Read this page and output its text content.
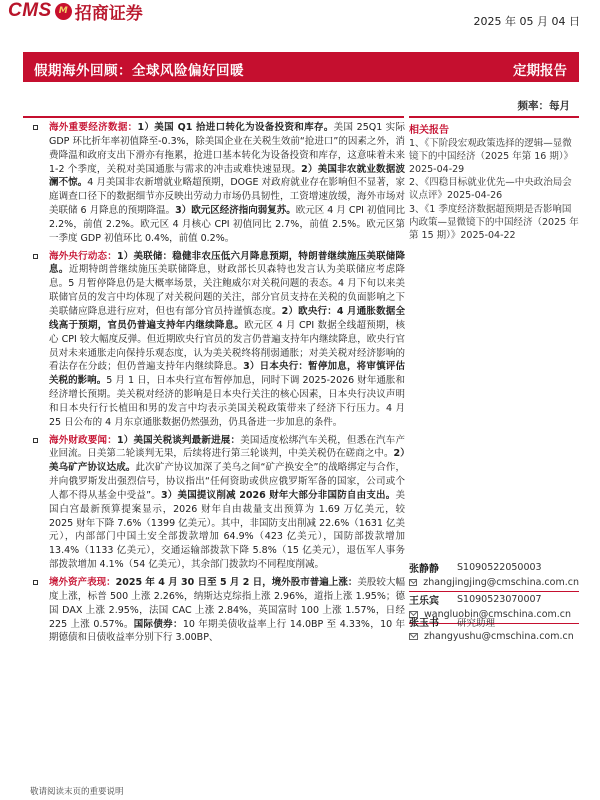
CMS M 招商证券	2025 年 05 月 04 日
假期海外回顾：全球风险偏好回暖	定期报告
频率：每月
海外重要经济数据：1）美国 Q1 拾进口转化为设备投资和库存。美国 25Q1 实际 GDP 环比折年率初值降至-0.3%，除美国企业在关税生效前“抢进口”的因素之外，消费降温和政府支出下滑亦有拖累，抢进口基本转化为设备投资和库存，这意味着未来 1-2 个季度，关税对美国通胀与需求的冲击或难快速显现。2）美国非农就业数据波澜不惊。4 月美国非农新增就业略超预期，DOGE 对政府就业存在影响但不显著，家庭调查口径下的数据细节亦反映出劳动力市场仍具韧性，工资增速放缓，海外市场对美联储 6 月降息的预期降温。3）欧元区经济指向弱复苏。欧元区 4 月 CPI 初值同比 2.2%，前值 2.2%。欧元区 4 月核心 CPI 初值同比 2.7%，前值 2.5%。欧元区第一季度 GDP 初值环比 0.4%，前值 0.2%。
海外央行动态：1）美联储：稳健非农压低六月降息预期，特朗普继续施压美联储降息。近期特朗普继续施压美联储降息，财政部长贝森特也发言认为美联储应考虑降息。5 月暂停降息仍是大概率场景，关注鲍威尔对关税问题的表态。4 月下旬以来美联储官员的发言中均体现了对关税问题的关注，部分官员支持在关税的负面影响之下美联储应降息进行应对，但也有部分官员持谨慎态度。2）欧央行：4 月通胀数据全线高于预期，官员仍普遍支持年内继续降息。欧元区 4 月 CPI 数据全线超预期，核心 CPI 较大幅度反弹。但近期欧央行官员的发言仍普遍支持年内继续降息，欧央行官员对未来通胀走向保持乐观态度，认为美关税终将削弱通胀；对美关税对经济影响的看法存在分歧；但仍普遍支持年内继续降息。3）日本央行：暂停加息，将审慎评估关税的影响。5 月 1 日，日本央行宣布暂停加息，同时下调 2025-2026 财年通胀和经济增长预期。美关税对经济的影响是日本央行关注的核心因素，日本央行决议声明和日本央行行长植田和男的发言中均表示美国关税政策带来了经济下行压力。4 月 25 日公布的 4 月东京通胀数据仍然强劲，仍具备进一步加息的条件。
海外财政要闻：1）美国关税谈判最新进展：美国适度松绑汽车关税，但悉在汽车产业回流。日美第二轮谈判无果，后续将进行第三轮谈判，中美关税仍在磋商之中。2）美乌矿产协议达成。此次矿产协议加深了美乌之间“矿产换安全”的战略绑定与合作，并向俄罗斯发出强烈信号，协议指出“任何资助或供应俄罗斯军备的国家，公司或个人都不得从基金中受益”。3）美国提议削减 2026 财年大部分非国防自由支出。美国白宫最新预算提案显示，2026 财年自由裁量支出预算为 1.69 万亿美元，较 2025 财年下降 7.6%（1399 亿美元）。其中，非国防支出削减 22.6%（1631 亿美元），内部部门中国土安全部拨款增加 64.9%（423 亿美元），国防部拨款增加 13.4%（1133 亿美元），交通运输部拨款下降 5.8%（15 亿美元），退伍军人事务部拨款增加 4.1%（54 亿美元），其余部门拨款均不同程度削减。
境外资产表现：2025 年 4 月 30 日至 5 月 2 日，境外股市普遍上涨：美股较大幅度上涨，标普 500 上涨 2.26%，纳斯达克综指上涨 2.96%，道指上涨 1.95%；德国 DAX 上涨 2.95%，法国 CAC 上涨 2.84%，英国富时 100 上涨 1.57%，日经 225 上涨 0.57%。国际债券：10 年期美债收益率上行 14.0BP 至 4.33%，10 年期德债和日债收益率分别下行 3.00BP、
相关报告
1、《下阶段宏观政策选择的逻辑—显微镜下的中国经济（2025 年第 16 期）》2025-04-29
2、《四稳目标就业优先—中央政治局会议点评》2025-04-26
3、《1 季度经济数据超预期是否影响国内政策—显微镜下的中国经济（2025 年第 15 期）》2025-04-22
张静静	S1090522050003
zhangjingjing@cmschina.com.cn
王乐宾	S1090523070007
wangluobin@cmschina.com.cn
张玉书	研究助理
zhangyushu@cmschina.com.cn
敬请阅读末页的重要说明
